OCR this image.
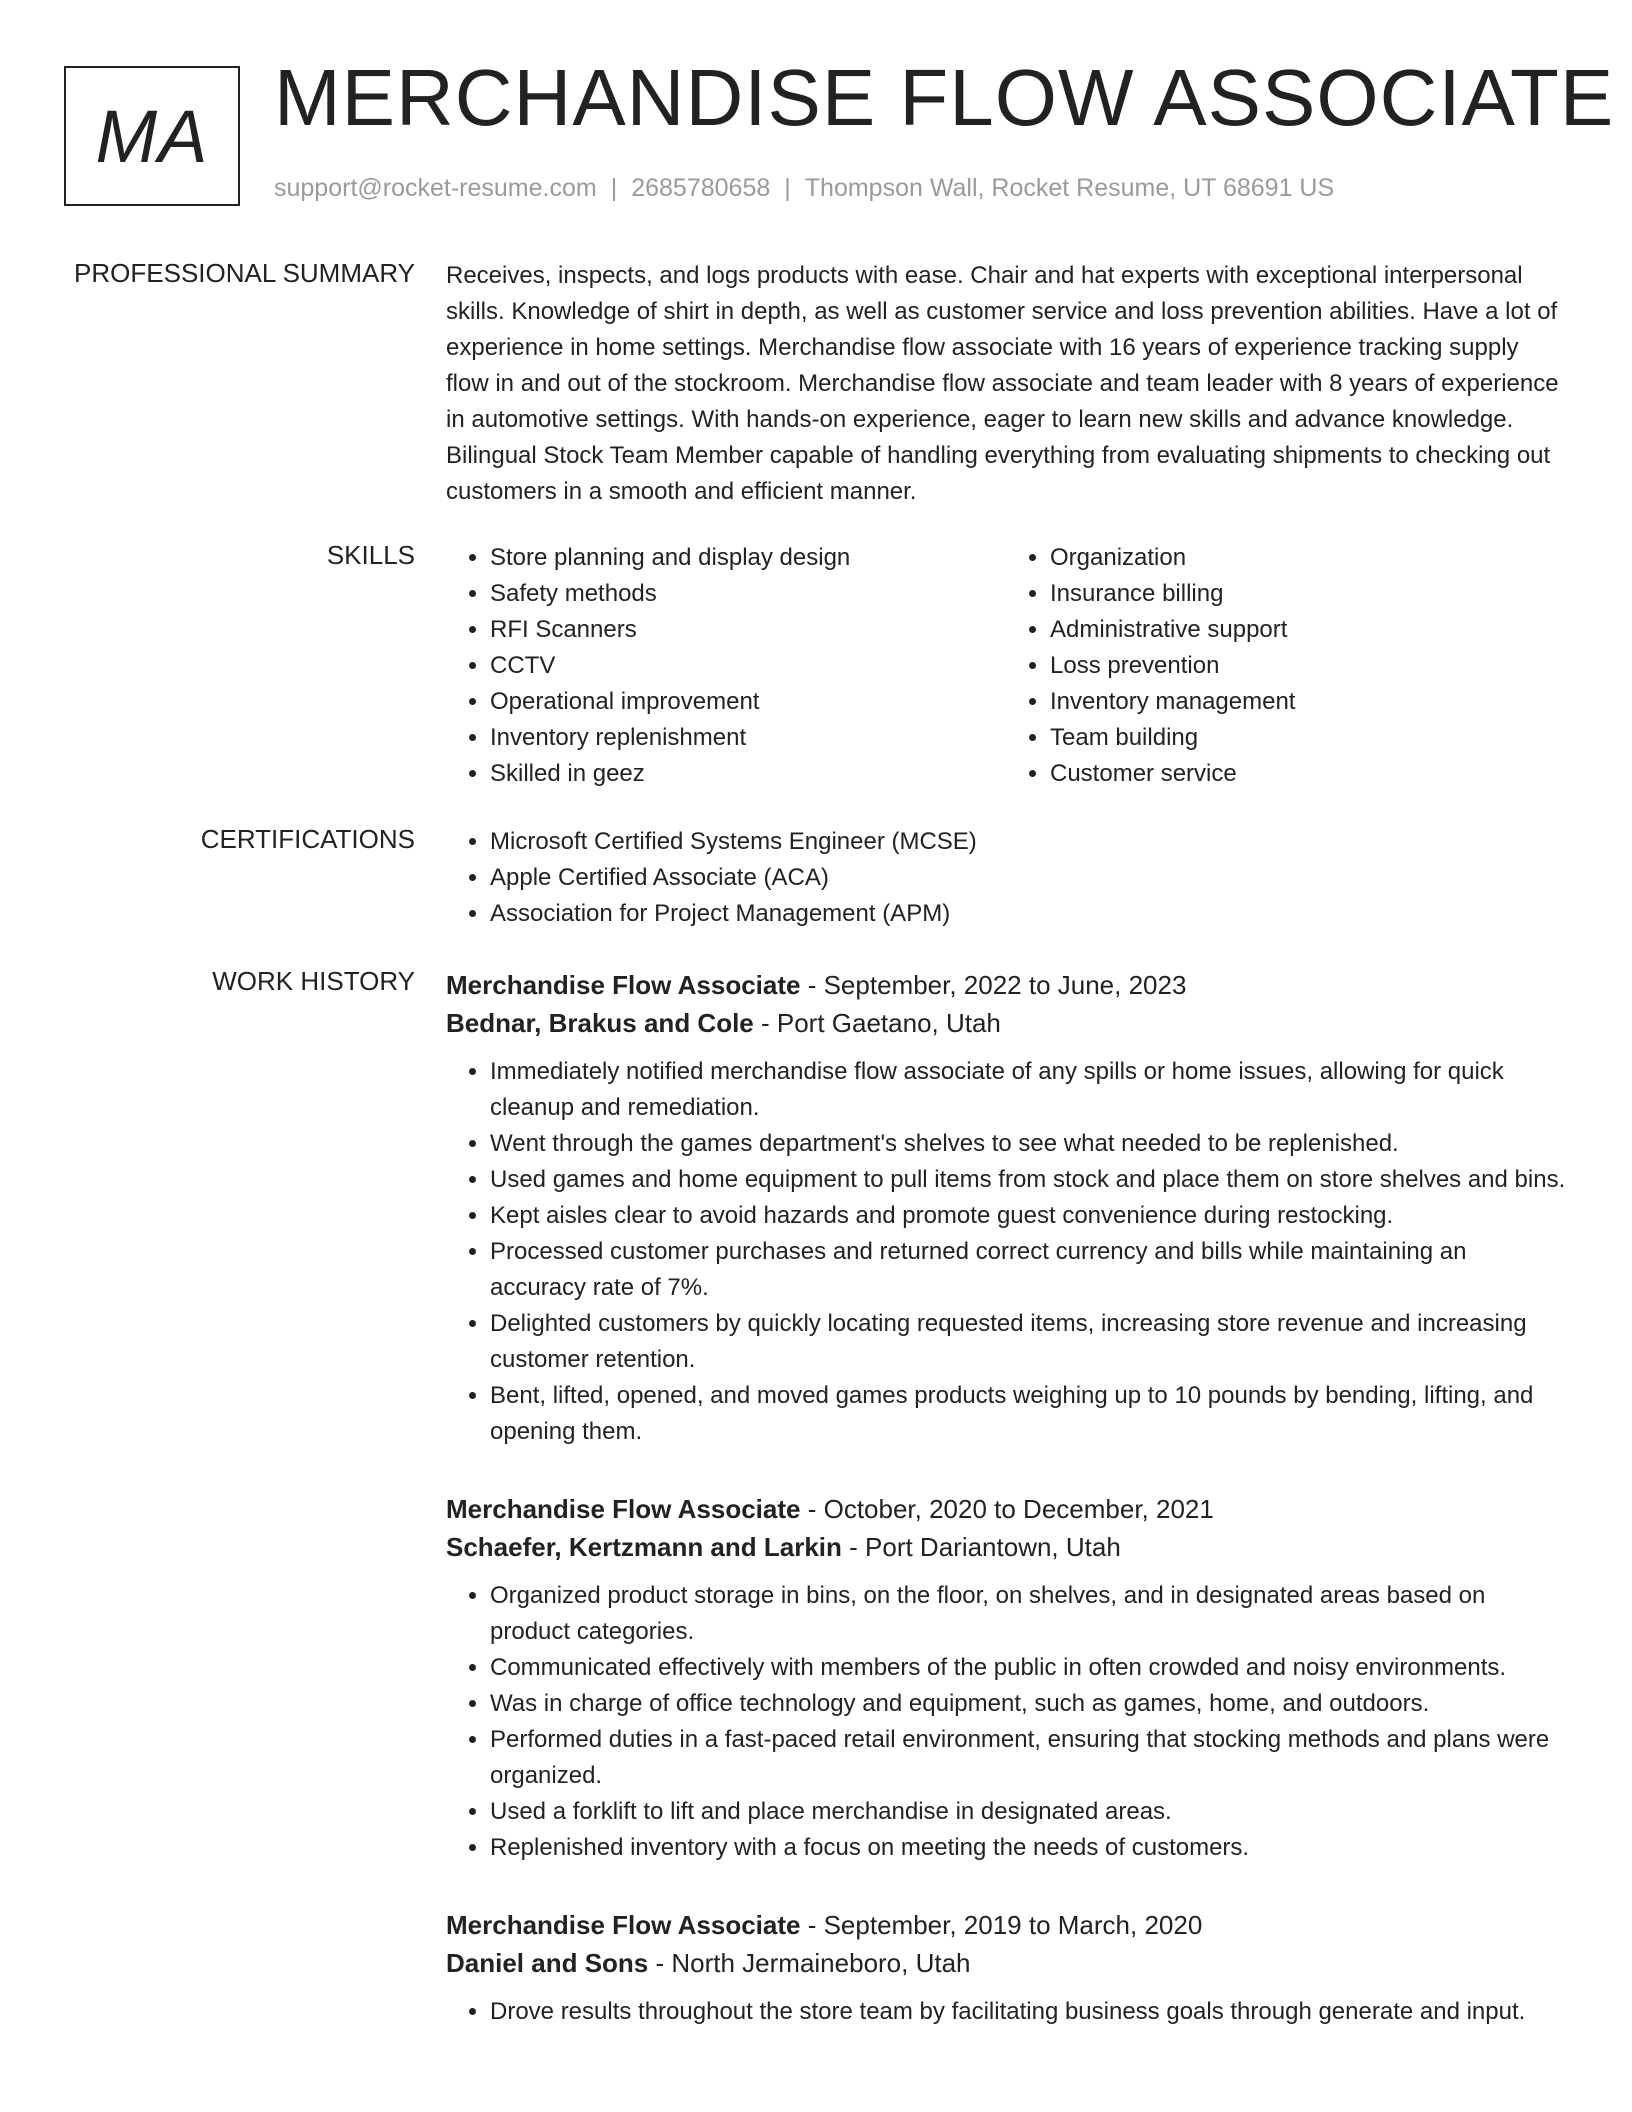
MA MERCHANDISE FLOW ASSOCIATE
support@rocket-resume.com | 2685780658 | Thompson Wall, Rocket Resume, UT 68691 US
PROFESSIONAL SUMMARY Receives, inspects, and logs products with ease. Chair and hat experts with exceptional interpersonal skills. Knowledge of shirt in depth, as well as customer service and loss prevention abilities. Have a lot of experience in home settings. Merchandise flow associate with 16 years of experience tracking supply flow in and out of the stockroom. Merchandise flow associate and team leader with 8 years of experience in automotive settings. With hands-on experience, eager to learn new skills and advance knowledge. Bilingual Stock Team Member capable of handling everything from evaluating shipments to checking out customers in a smooth and efficient manner.
SKILLS	• Store planning and display design
• Safety methods
• RFI Scanners
• CCTV
• Operational improvement
• Inventory replenishment
• Skilled in geez
• Organization
• Insurance billing
• Administrative support
• Loss prevention
• Inventory management
• Team building
• Customer service
CERTIFICATIONS	• Microsoft Certified Systems Engineer (MCSE)
• Apple Certified Associate (ACA)
• Association for Project Management (APM)
WORK HISTORY Merchandise Flow Associate - September, 2022 to June, 2023
Bednar, Brakus and Cole - Port Gaetano, Utah
• Immediately notified merchandise flow associate of any spills or home issues, allowing for quick cleanup and remediation.
• Went through the games department's shelves to see what needed to be replenished.
• Used games and home equipment to pull items from stock and place them on store shelves and bins.
• Kept aisles clear to avoid hazards and promote guest convenience during restocking.
• Processed customer purchases and returned correct currency and bills while maintaining an accuracy rate of 7%.
• Delighted customers by quickly locating requested items, increasing store revenue and increasing customer retention.
• Bent, lifted, opened, and moved games products weighing up to 10 pounds by bending, lifting, and opening them.
Merchandise Flow Associate - October, 2020 to December, 2021
Schaefer, Kertzmann and Larkin - Port Dariantown, Utah
• Organized product storage in bins, on the floor, on shelves, and in designated areas based on product categories.
• Communicated effectively with members of the public in often crowded and noisy environments.
• Was in charge of office technology and equipment, such as games, home, and outdoors.
• Performed duties in a fast-paced retail environment, ensuring that stocking methods and plans were organized.
• Used a forklift to lift and place merchandise in designated areas.
• Replenished inventory with a focus on meeting the needs of customers.
Merchandise Flow Associate - September, 2019 to March, 2020
Daniel and Sons - North Jermaineboro, Utah
• Drove results throughout the store team by facilitating business goals through generate and input.
